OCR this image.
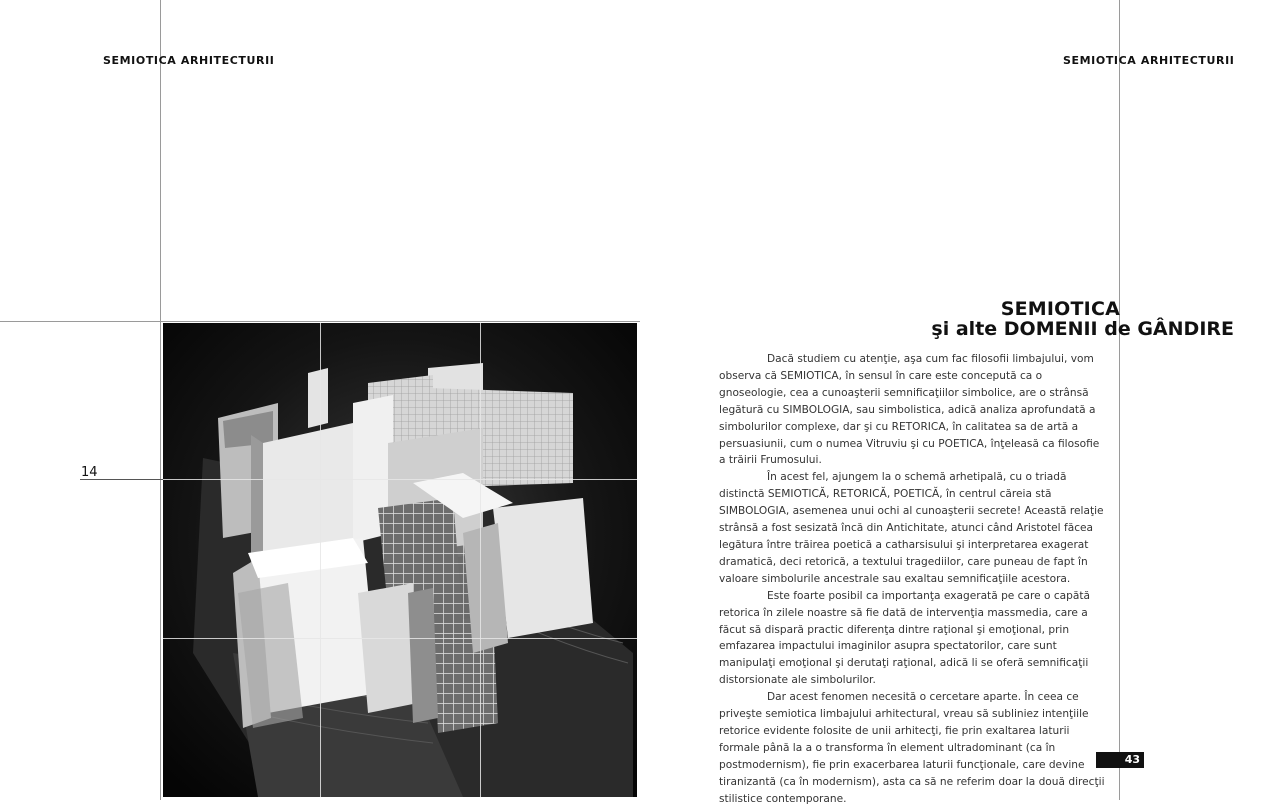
SEMIOTICA ARHITECTURII	SEMIOTICA ARHITECTURII
14
SEMIOTICA
şi alte DOMENII de GÂNDIRE

Dacă studiem cu atenţie, aşa cum fac filosofii limbajului, vom observa că SEMIOTICA, în sensul în care este concepută ca o gnoseologie, cea a cunoaşterii semnificaţiilor simbolice, are o strânsă legătură cu SIMBOLOGIA, sau simbolistica, adică analiza aprofundată a simbolurilor complexe, dar şi cu RETORICA, în calitatea sa de artă a persuasiunii, cum o numea Vitruviu şi cu POETICA, înţeleasă ca filosofie a trăirii Frumosului.

În acest fel, ajungem la o schemă arhetipală, cu o triadă distinctă SEMIOTICĂ, RETORICĂ, POETICĂ, în centrul căreia stă SIMBOLOGIA, asemenea unui ochi al cunoaşterii secrete! Această relaţie strânsă a fost sesizată încă din Antichitate, atunci când Aristotel făcea legătura între trăirea poetică a catharsisului şi interpretarea exagerat dramatică, deci retorică, a textului tragediilor, care puneau de fapt în valoare simbolurile ancestrale sau exaltau semnificaţiile acestora.

Este foarte posibil ca importanţa exagerată pe care o capătă retorica în zilele noastre să fie dată de intervenţia massmedia, care a făcut să dispară practic diferenţa dintre raţional şi emoţional, prin emfazarea impactului imaginilor asupra spectatorilor, care sunt manipulaţi emoţional şi derutaţi raţional, adică li se oferă semnificaţii distorsionate ale simbolurilor.

Dar acest fenomen necesită o cercetare aparte. În ceea ce priveşte semiotica limbajului arhitectural, vreau să subliniez intenţiile retorice evidente folosite de unii arhitecţi, fie prin exaltarea laturii formale până la a o transforma în element ultradominant (ca în postmodernism), fie prin exacerbarea laturii funcţionale, care devine tiranizantă (ca în modernism), asta ca să ne referim doar la două direcţii stilistice contemporane.

43
